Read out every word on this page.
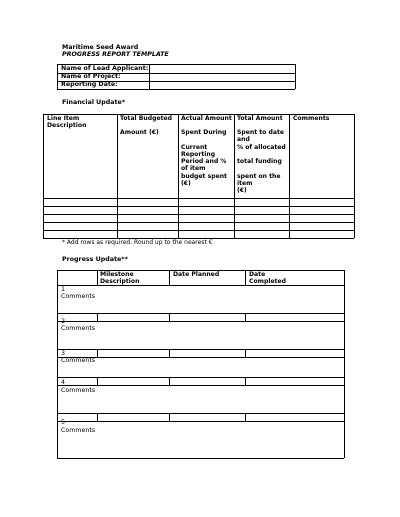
Maritime Seed Award
PROGRESS REPORT TEMPLATE
Name of Lead Applicant:
Name of Project:
Reporting Date:
Financial Update*
Line Item Description
Total Budgeted
Amount (€)
Actual Amount
Spent During

Current Reporting Period and % of item budget spent
(€)
Total Amount
Spent to date and
% of allocated

total funding

spent on the item
(€)
Comments
* Add rows as required. Round up to the nearest €
Progress Update**
Milestone Description
Date Planned	Date Completed
1
Comments
2
Comments
3
Comments
4
Comments
5
Comments
